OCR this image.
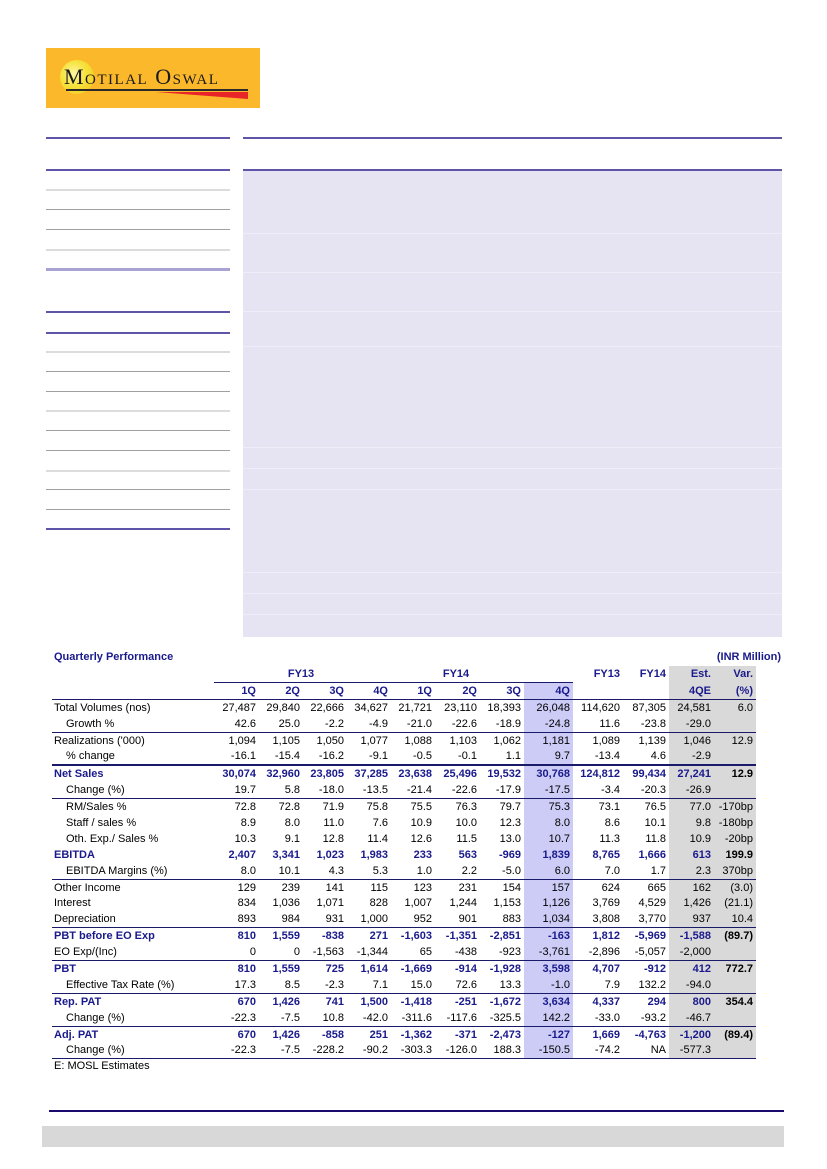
Motilal Oswal
Quarterly Performance	(INR Million)
	FY13				FY14				FY13	FY14	Est.	Var.
	1Q	2Q	3Q	4Q	1Q	2Q	3Q	4Q			4QE	(%)
Total Volumes (nos)	27,487	29,840	22,666	34,627	21,721	23,110	18,393	26,048	114,620	87,305	24,581	6.0
Growth %	42.6	25.0	-2.2	-4.9	-21.0	-22.6	-18.9	-24.8	11.6	-23.8	-29.0	
Realizations ('000)	1,094	1,105	1,050	1,077	1,088	1,103	1,062	1,181	1,089	1,139	1,046	12.9
% change	-16.1	-15.4	-16.2	-9.1	-0.5	-0.1	1.1	9.7	-13.4	4.6	-2.9	
Net Sales	30,074	32,960	23,805	37,285	23,638	25,496	19,532	30,768	124,812	99,434	27,241	12.9
Change (%)	19.7	5.8	-18.0	-13.5	-21.4	-22.6	-17.9	-17.5	-3.4	-20.3	-26.9	
RM/Sales %	72.8	72.8	71.9	75.8	75.5	76.3	79.7	75.3	73.1	76.5	77.0	-170bp
Staff / sales %	8.9	8.0	11.0	7.6	10.9	10.0	12.3	8.0	8.6	10.1	9.8	-180bp
Oth. Exp./ Sales %	10.3	9.1	12.8	11.4	12.6	11.5	13.0	10.7	11.3	11.8	10.9	-20bp
EBITDA	2,407	3,341	1,023	1,983	233	563	-969	1,839	8,765	1,666	613	199.9
EBITDA Margins (%)	8.0	10.1	4.3	5.3	1.0	2.2	-5.0	6.0	7.0	1.7	2.3	370bp
Other Income	129	239	141	115	123	231	154	157	624	665	162	(3.0)
Interest	834	1,036	1,071	828	1,007	1,244	1,153	1,126	3,769	4,529	1,426	(21.1)
Depreciation	893	984	931	1,000	952	901	883	1,034	3,808	3,770	937	10.4
PBT before EO Exp	810	1,559	-838	271	-1,603	-1,351	-2,851	-163	1,812	-5,969	-1,588	(89.7)
EO Exp/(Inc)	0	0	-1,563	-1,344	65	-438	-923	-3,761	-2,896	-5,057	-2,000	
PBT	810	1,559	725	1,614	-1,669	-914	-1,928	3,598	4,707	-912	412	772.7
Effective Tax Rate (%)	17.3	8.5	-2.3	7.1	15.0	72.6	13.3	-1.0	7.9	132.2	-94.0	
Rep. PAT	670	1,426	741	1,500	-1,418	-251	-1,672	3,634	4,337	294	800	354.4
Change (%)	-22.3	-7.5	10.8	-42.0	-311.6	-117.6	-325.5	142.2	-33.0	-93.2	-46.7	
Adj. PAT	670	1,426	-858	251	-1,362	-371	-2,473	-127	1,669	-4,763	-1,200	(89.4)
Change (%)	-22.3	-7.5	-228.2	-90.2	-303.3	-126.0	188.3	-150.5	-74.2	NA	-577.3	
E: MOSL Estimates
